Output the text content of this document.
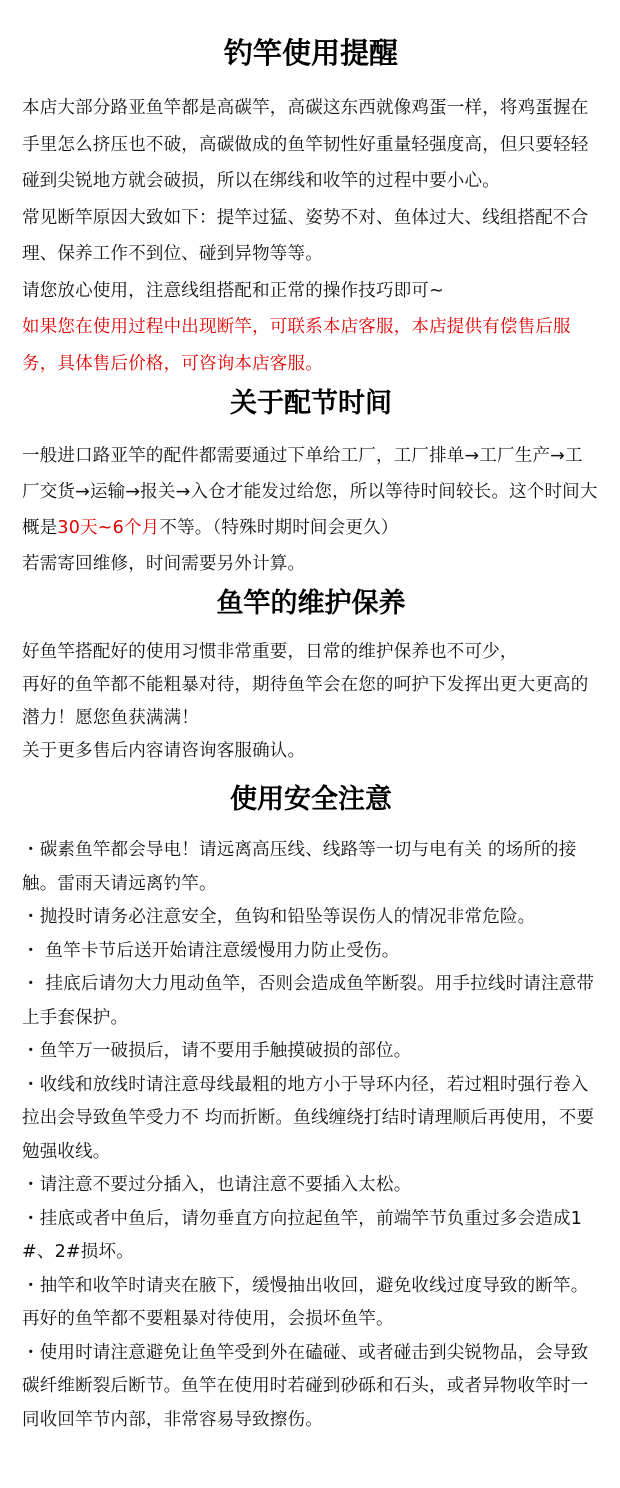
钓竿使用提醒

本店大部分路亚鱼竿都是高碳竿，高碳这东西就像鸡蛋一样，将鸡蛋握在手里怎么挤压也不破，高碳做成的鱼竿韧性好重量轻强度高，但只要轻轻碰到尖锐地方就会破损，所以在绑线和收竿的过程中要小心。

常见断竿原因大致如下：提竿过猛、姿势不对、鱼体过大、线组搭配不合理、保养工作不到位、碰到异物等等。

请您放心使用，注意线组搭配和正常的操作技巧即可~

如果您在使用过程中出现断竿，可联系本店客服，本店提供有偿售后服务，具体售后价格，可咨询本店客服。

关于配节时间

一般进口路亚竿的配件都需要通过下单给工厂，工厂排单→工厂生产→工厂交货→运输→报关→入仓才能发过给您，所以等待时间较长。这个时间大概是30天~6个月不等。（特殊时期时间会更久）

若需寄回维修，时间需要另外计算。

鱼竿的维护保养

好鱼竿搭配好的使用习惯非常重要，日常的维护保养也不可少，

再好的鱼竿都不能粗暴对待，期待鱼竿会在您的呵护下发挥出更大更高的潜力！愿您鱼获满满！

关于更多售后内容请咨询客服确认。

使用安全注意

・碳素鱼竿都会导电！请远离高压线、线路等一切与电有关 的场所的接触。雷雨天请远离钓竿。

・抛投时请务必注意安全，鱼钩和铅坠等误伤人的情况非常危险。

・ 鱼竿卡节后送开始请注意缓慢用力防止受伤。

・ 挂底后请勿大力甩动鱼竿，否则会造成鱼竿断裂。用手拉线时请注意带上手套保护。

・鱼竿万一破损后，请不要用手触摸破损的部位。

・收线和放线时请注意母线最粗的地方小于导环内径，若过粗时强行卷入拉出会导致鱼竿受力不 均而折断。鱼线缠绕打结时请理顺后再使用，不要勉强收线。

・请注意不要过分插入，也请注意不要插入太松。

・挂底或者中鱼后，请勿垂直方向拉起鱼竿，前端竿节负重过多会造成1#、2#损坏。

・抽竿和收竿时请夹在腋下，缓慢抽出收回，避免收线过度导致的断竿。再好的鱼竿都不要粗暴对待使用，会损坏鱼竿。

・使用时请注意避免让鱼竿受到外在磕碰、或者碰击到尖锐物品，会导致碳纤维断裂后断节。鱼竿在使用时若碰到砂砾和石头，或者异物收竿时一同收回竿节内部，非常容易导致擦伤。
